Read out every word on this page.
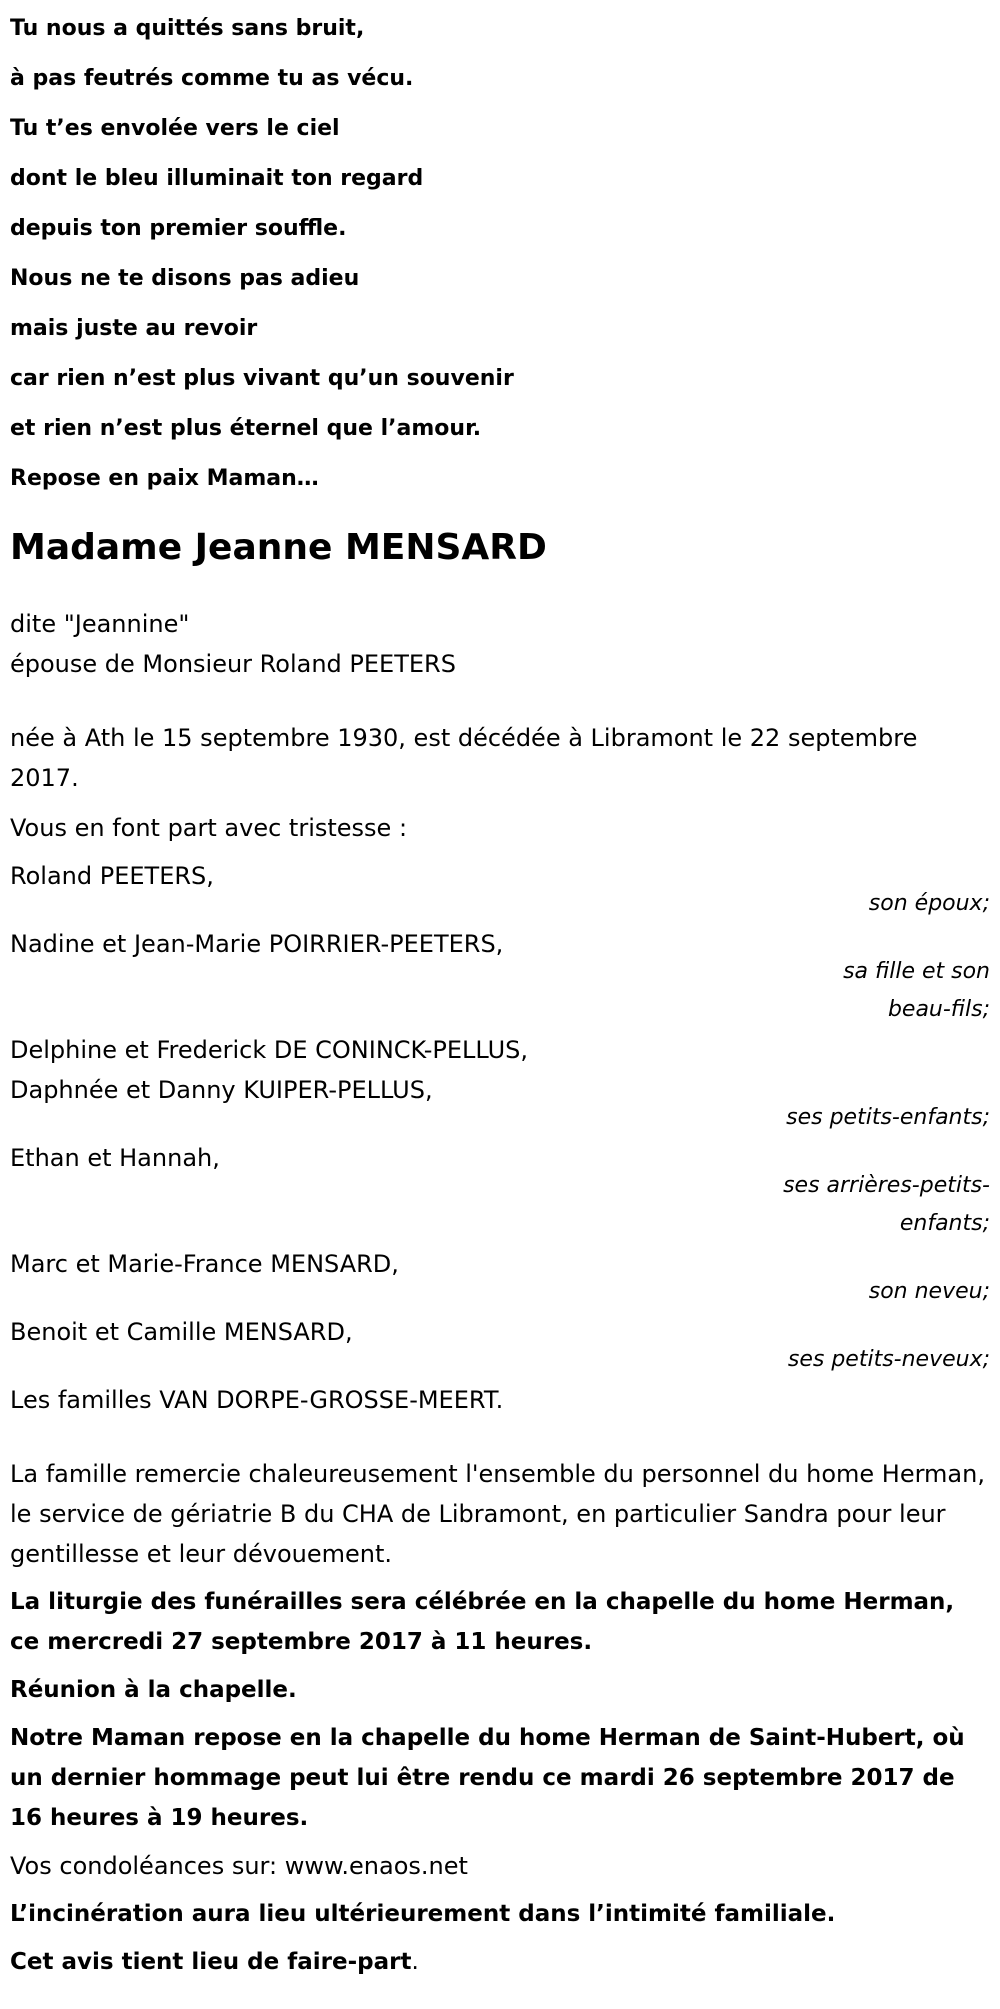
Tu nous a quittés sans bruit,

à pas feutrés comme tu as vécu.

Tu t’es envolée vers le ciel

dont le bleu illuminait ton regard

depuis ton premier souffle.

Nous ne te disons pas adieu

mais juste au revoir

car rien n’est plus vivant qu’un souvenir

et rien n’est plus éternel que l’amour.

Repose en paix Maman…

Madame Jeanne MENSARD

dite "Jeannine"

épouse de Monsieur Roland PEETERS

née à Ath le 15 septembre 1930, est décédée à Libramont le 22 septembre 2017.

Vous en font part avec tristesse :

Roland PEETERS,

son époux;

Nadine et Jean-Marie POIRRIER-PEETERS,

sa fille et son

beau-fils;

Delphine et Frederick DE CONINCK-PELLUS,

Daphnée et Danny KUIPER-PELLUS,

ses petits-enfants;

Ethan et Hannah,

ses arrières-petits-

enfants;

Marc et Marie-France MENSARD,

son neveu;

Benoit et Camille MENSARD,

ses petits-neveux;

Les familles VAN DORPE-GROSSE-MEERT.

La famille remercie chaleureusement l'ensemble du personnel du home Herman, le service de gériatrie B du CHA de Libramont, en particulier Sandra pour leur gentillesse et leur dévouement.

La liturgie des funérailles sera célébrée en la chapelle du home Herman, ce mercredi 27 septembre 2017 à 11 heures.

Réunion à la chapelle.

Notre Maman repose en la chapelle du home Herman de Saint-Hubert, où un dernier hommage peut lui être rendu ce mardi 26 septembre 2017 de 16 heures à 19 heures.

Vos condoléances sur: www.enaos.net

L’incinération aura lieu ultérieurement dans l’intimité familiale.

Cet avis tient lieu de faire-part.
